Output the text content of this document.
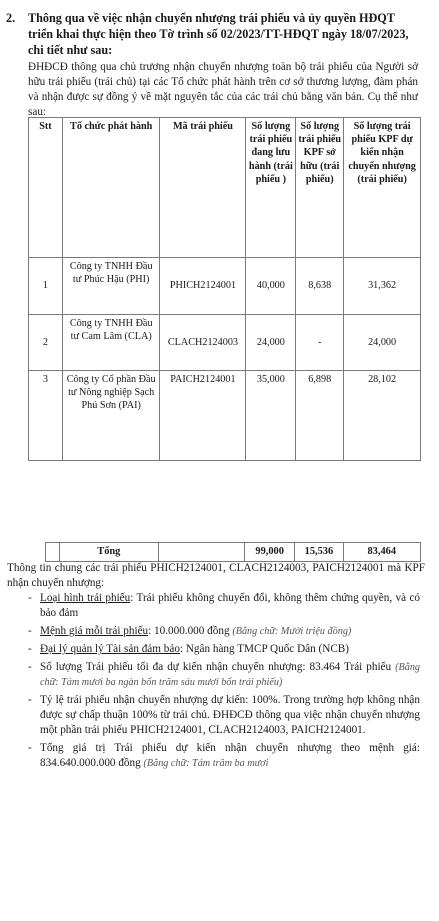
2. Thông qua về việc nhận chuyển nhượng trái phiếu và ủy quyền HĐQT triển khai thực hiện theo Tờ trình số 02/2023/TT-HĐQT ngày 18/07/2023, chi tiết như sau:
ĐHĐCĐ thông qua chủ trương nhận chuyển nhượng toàn bộ trái phiếu của Người sở hữu trái phiếu (trái chủ) tại các Tổ chức phát hành trên cơ sở thương lượng, đàm phán và nhận được sự đồng ý về mặt nguyên tắc của các trái chủ bằng văn bản. Cụ thể như sau:
Stt	Tổ chức phát hành	Mã trái phiếu	Số lượng trái phiếu đang lưu hành (trái phiếu )	Số lượng trái phiếu KPF sở hữu (trái phiếu)	Số lượng trái phiếu KPF dự kiến nhận chuyển nhượng (trái phiếu)
1	Công ty TNHH Đầu tư Phúc Hậu (PHI)	PHICH2124001	40,000	8,638	31,362
2	Công ty TNHH Đầu tư Cam Lâm (CLA)	CLACH2124003	24,000	-	24,000
3	Công ty Cổ phần Đầu tư Nông nghiệp Sạch Phú Sơn (PAI)	PAICH2124001	35,000	6,898	28,102
	Tổng		99,000	15,536	83,464
Thông tin chung các trái phiếu PHICH2124001, CLACH2124003, PAICH2124001 mà KPF nhận chuyển nhượng:
- Loại hình trái phiếu: Trái phiếu không chuyển đổi, không thêm chứng quyền, và có bảo đảm
- Mệnh giá mỗi trái phiếu: 10.000.000 đồng (Bằng chữ: Mười triệu đồng)
- Đại lý quản lý Tài sản đảm bảo: Ngân hàng TMCP Quốc Dân (NCB)
- Số lượng Trái phiếu tối đa dự kiến nhận chuyển nhượng: 83.464 Trái phiếu (Bằng chữ: Tám mươi ba ngàn bốn trăm sáu mươi bốn trái phiếu)
- Tỷ lệ trái phiếu nhận chuyển nhượng dự kiến: 100%. Trong trường hợp không nhận được sự chấp thuận 100% từ trái chủ. ĐHĐCĐ thông qua việc nhận chuyển nhượng một phần trái phiếu PHICH2124001, CLACH2124003, PAICH2124001.
- Tổng giá trị Trái phiếu dự kiến nhận chuyển nhượng theo mệnh giá: 834.640.000.000 đồng (Bằng chữ: Tám trăm ba mươi
